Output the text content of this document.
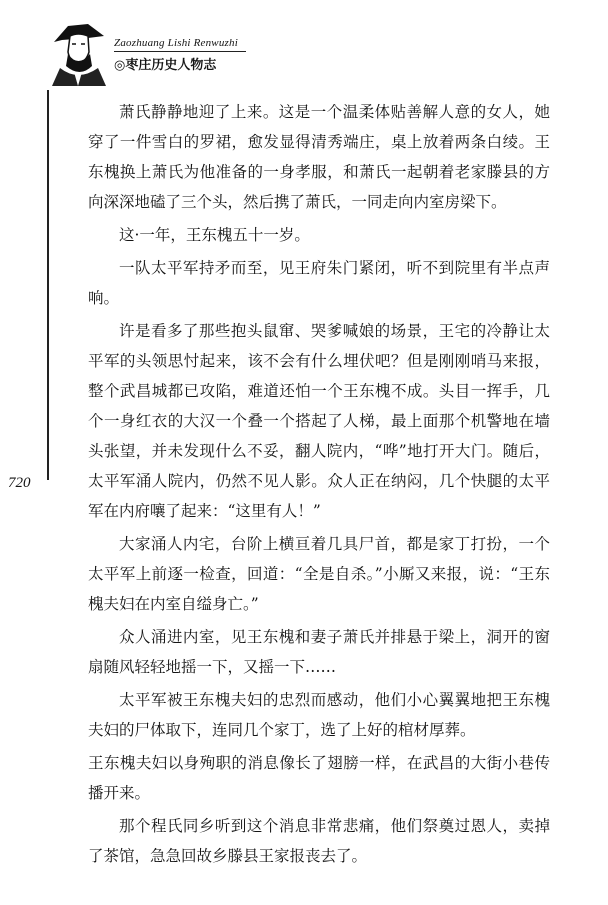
Zaozhuang Lishi Renwuzhi
◎枣庄历史人物志
720

萧氏静静地迎了上来。这是一个温柔体贴善解人意的女人，她穿了一件雪白的罗裙，愈发显得清秀端庄，桌上放着两条白绫。王东槐换上萧氏为他准备的一身孝服，和萧氏一起朝着老家滕县的方向深深地磕了三个头，然后携了萧氏，一同走向内室房梁下。

这·一年，王东槐五十一岁。

一队太平军持矛而至，见王府朱门紧闭，听不到院里有半点声响。

许是看多了那些抱头鼠窜、哭爹喊娘的场景，王宅的冷静让太平军的头领思忖起来，该不会有什么埋伏吧？但是刚刚哨马来报，整个武昌城都已攻陷，难道还怕一个王东槐不成。头目一挥手，几个一身红衣的大汉一个叠一个搭起了人梯，最上面那个机警地在墙头张望，并未发现什么不妥，翻人院内，“哗”地打开大门。随后，太平军涌人院内，仍然不见人影。众人正在纳闷，几个快腿的太平军在内府嚷了起来：“这里有人！”

大家涌人内宅，台阶上横亘着几具尸首，都是家丁打扮，一个太平军上前逐一检查，回道：“全是自杀。”小厮又来报，说：“王东槐夫妇在内室自缢身亡。”

众人涌进内室，见王东槐和妻子萧氏并排悬于梁上，洞开的窗扇随风轻轻地摇一下，又摇一下……

太平军被王东槐夫妇的忠烈而感动，他们小心翼翼地把王东槐夫妇的尸体取下，连同几个家丁，选了上好的棺材厚葬。

王东槐夫妇以身殉职的消息像长了翅膀一样，在武昌的大街小巷传播开来。

那个程氏同乡听到这个消息非常悲痛，他们祭奠过恩人，卖掉了茶馆，急急回故乡滕县王家报丧去了。
